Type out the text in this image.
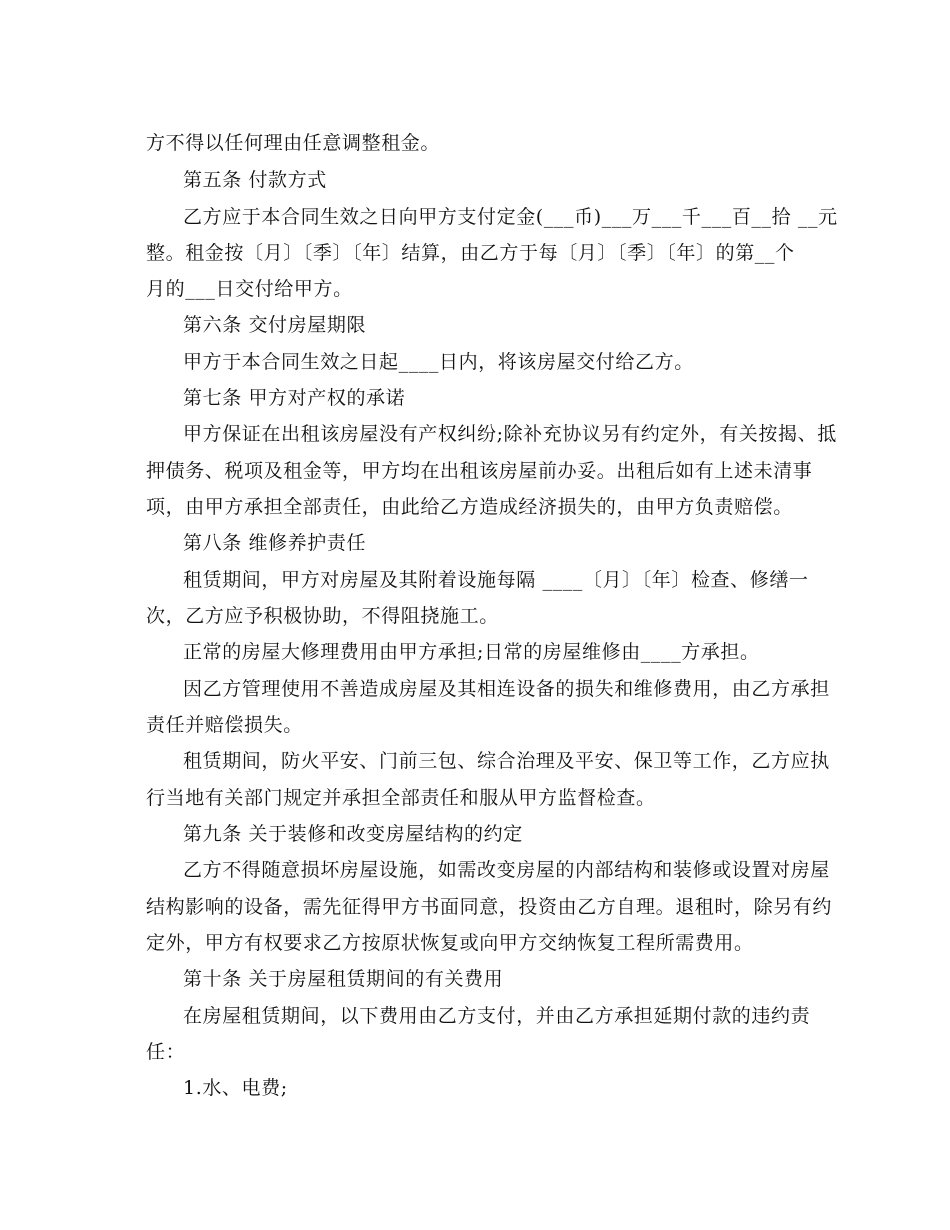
方不得以任何理由任意调整租金。
第五条 付款方式
乙方应于本合同生效之日向甲方支付定金(___币)___万___千___百__拾 __元
整。租金按〔月〕〔季〕〔年〕结算，由乙方于每〔月〕〔季〕〔年〕的第__个
月的___日交付给甲方。
第六条 交付房屋期限
甲方于本合同生效之日起____日内，将该房屋交付给乙方。
第七条 甲方对产权的承诺
甲方保证在出租该房屋没有产权纠纷;除补充协议另有约定外，有关按揭、抵
押债务、税项及租金等，甲方均在出租该房屋前办妥。出租后如有上述未清事
项，由甲方承担全部责任，由此给乙方造成经济损失的，由甲方负责赔偿。
第八条 维修养护责任
租赁期间，甲方对房屋及其附着设施每隔 ____〔月〕〔年〕检查、修缮一
次，乙方应予积极协助，不得阻挠施工。
正常的房屋大修理费用由甲方承担;日常的房屋维修由____方承担。
因乙方管理使用不善造成房屋及其相连设备的损失和维修费用，由乙方承担
责任并赔偿损失。
租赁期间，防火平安、门前三包、综合治理及平安、保卫等工作，乙方应执
行当地有关部门规定并承担全部责任和服从甲方监督检查。
第九条 关于装修和改变房屋结构的约定
乙方不得随意损坏房屋设施，如需改变房屋的内部结构和装修或设置对房屋
结构影响的设备，需先征得甲方书面同意，投资由乙方自理。退租时，除另有约
定外，甲方有权要求乙方按原状恢复或向甲方交纳恢复工程所需费用。
第十条 关于房屋租赁期间的有关费用
在房屋租赁期间，以下费用由乙方支付，并由乙方承担延期付款的违约责
任：
1.水、电费;
